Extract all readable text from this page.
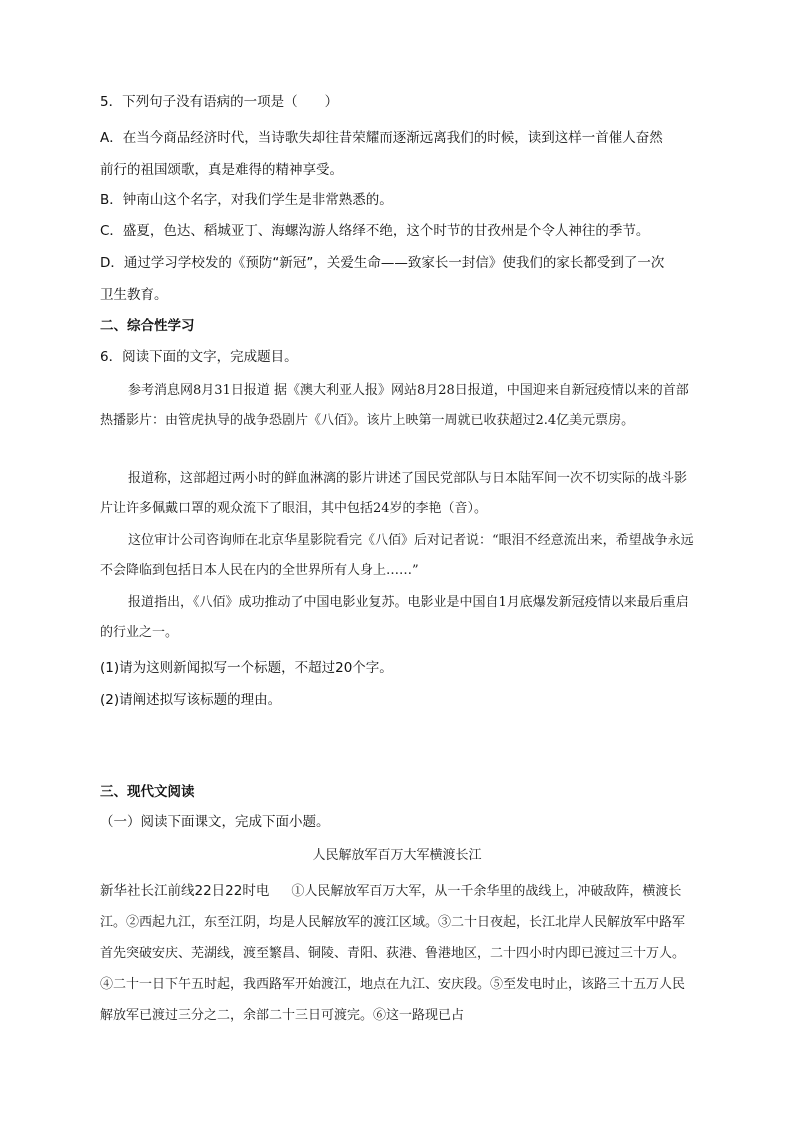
5．下列句子没有语病的一项是（　　）
A．在当今商品经济时代，当诗歌失却往昔荣耀而逐渐远离我们的时候，读到这样一首催人奋然
前行的祖国颂歌，真是难得的精神享受。
B．钟南山这个名字，对我们学生是非常熟悉的。
C．盛夏，色达、稻城亚丁、海螺沟游人络绎不绝，这个时节的甘孜州是个令人神往的季节。
D．通过学习学校发的《预防“新冠”，关爱生命——致家长一封信》使我们的家长都受到了一次
卫生教育。
二、综合性学习
6．阅读下面的文字，完成题目。
参考消息网8月31日报道 据《澳大利亚人报》网站8月28日报道，中国迎来自新冠疫情以来的首部热播影片：由管虎执导的战争恐剧片《八佰》。该片上映第一周就已收获超过2.4亿美元票房。
报道称，这部超过两小时的鲜血淋漓的影片讲述了国民党部队与日本陆军间一次不切实际的战斗影片让许多佩戴口罩的观众流下了眼泪，其中包括24岁的李艳（音）。
这位审计公司咨询师在北京华星影院看完《八佰》后对记者说：“眼泪不经意流出来，希望战争永远不会降临到包括日本人民在内的全世界所有人身上……”
报道指出，《八佰》成功推动了中国电影业复苏。电影业是中国自1月底爆发新冠疫情以来最后重启的行业之一。
(1)请为这则新闻拟写一个标题，不超过20个字。
(2)请阐述拟写该标题的理由。
三、现代文阅读
（一）阅读下面课文，完成下面小题。
人民解放军百万大军横渡长江
新华社长江前线22日22时电 ①人民解放军百万大军，从一千余华里的战线上，冲破敌阵，横渡长江。②西起九江，东至江阴，均是人民解放军的渡江区域。③二十日夜起，长江北岸人民解放军中路军首先突破安庆、芜湖线，渡至繁昌、铜陵、青阳、荻港、鲁港地区，二十四小时内即已渡过三十万人。④二十一日下午五时起，我西路军开始渡江，地点在九江、安庆段。⑤至发电时止，该路三十五万人民解放军已渡过三分之二，余部二十三日可渡完。⑥这一路现已占
